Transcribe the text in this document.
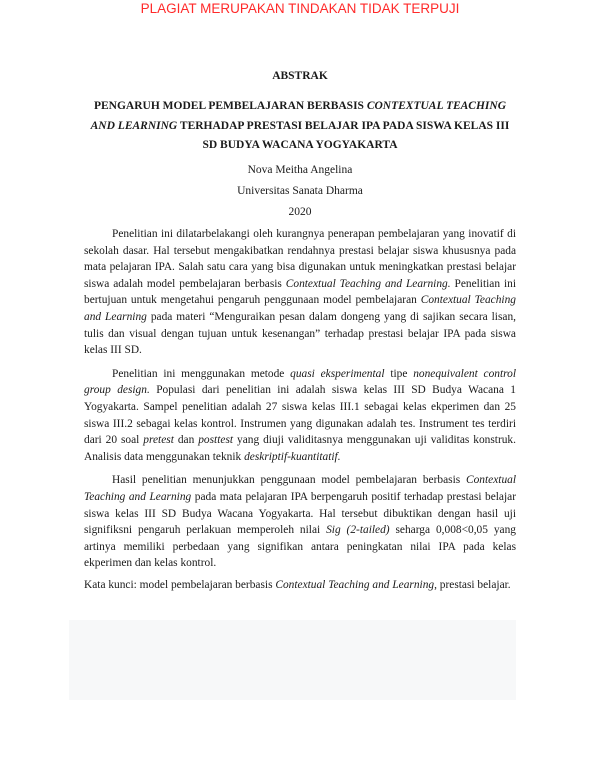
PLAGIAT MERUPAKAN TINDAKAN TIDAK TERPUJI
ABSTRAK
PENGARUH MODEL PEMBELAJARAN BERBASIS CONTEXTUAL TEACHING
AND LEARNING TERHADAP PRESTASI BELAJAR IPA PADA SISWA KELAS III
SD BUDYA WACANA YOGYAKARTA
Nova Meitha Angelina
Universitas Sanata Dharma
2020
Penelitian ini dilatarbelakangi oleh kurangnya penerapan pembelajaran yang inovatif di
sekolah dasar. Hal tersebut mengakibatkan rendahnya prestasi belajar siswa khususnya pada
mata pelajaran IPA. Salah satu cara yang bisa digunakan untuk meningkatkan prestasi belajar
siswa adalah model pembelajaran berbasis Contextual Teaching and Learning. Penelitian ini
bertujuan untuk mengetahui pengaruh penggunaan model pembelajaran Contextual Teaching
and Learning pada materi “Menguraikan pesan dalam dongeng yang di sajikan secara lisan,
tulis dan visual dengan tujuan untuk kesenangan” terhadap prestasi belajar IPA pada siswa
kelas III SD.
Penelitian ini menggunakan metode quasi eksperimental tipe nonequivalent control
group design. Populasi dari penelitian ini adalah siswa kelas III SD Budya Wacana 1
Yogyakarta. Sampel penelitian adalah 27 siswa kelas III.1 sebagai kelas ekperimen dan 25
siswa III.2 sebagai kelas kontrol. Instrumen yang digunakan adalah tes. Instrument tes terdiri
dari 20 soal pretest dan posttest yang diuji validitasnya menggunakan uji validitas konstruk.
Analisis data menggunakan teknik deskriptif-kuantitatif.
Hasil penelitian menunjukkan penggunaan model pembelajaran berbasis Contextual
Teaching and Learning pada mata pelajaran IPA berpengaruh positif terhadap prestasi belajar
siswa kelas III SD Budya Wacana Yogyakarta. Hal tersebut dibuktikan dengan hasil uji
signifiksni pengaruh perlakuan memperoleh nilai Sig (2-tailed) seharga 0,008<0,05 yang
artinya memiliki perbedaan yang signifikan antara peningkatan nilai IPA pada kelas
ekperimen dan kelas kontrol.
Kata kunci: model pembelajaran berbasis Contextual Teaching and Learning, prestasi belajar.
